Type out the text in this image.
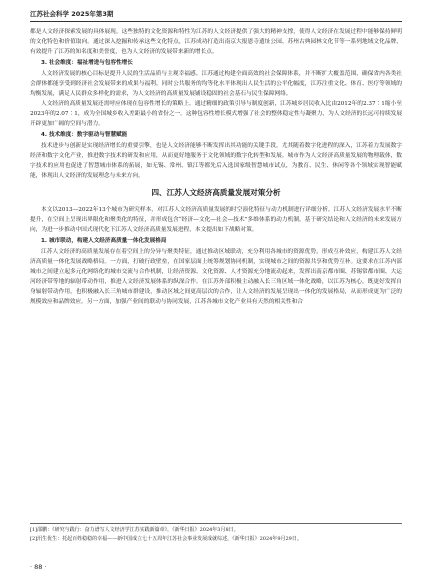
江苏社会科学 2025年第3期

都是人文经济探索发展的具体展现。这些独特的文化资源和特性为江苏的人文经济提供了强大的精神支撑，使得人文经济在发展过程中能够保持鲜明的文化特色和价值取向。通过深入挖掘和传承这些文化特点，江苏成功打造出南京大报恩寺遗址公园、苏州古典园林文化节等一系列地域文化品牌，有效提升了江苏的知名度和美誉度，也为人文经济的发展带来新的增长点。

3. 社会维度：福祉增进与包容性增长

人文经济发展的核心目标是提升人民的生活品质与主观幸福感。江苏通过构建全面高效的社会保障体系，并不断扩大覆盖范围，确保省内各类社会群体都能享受到经济社会发展带来的成果与福利。同时公共服务的均等化水平体现出人民生活的公平化幅度，江苏注重文化、体育、医疗等领域的均衡发展，满足人民群众多样化的需求，为人文经济的高质量发展铺设稳固的社会基石与民生保障网络。

人文经济的高质量发展还需呼应体现在包容性增长的策略上。通过精细的政策引导与制度创新，江苏城乡居民收入比由2012年的2.37∶1缩小至2023年的2.07∶1，成为全国城乡收入差距最小的省份之一。这种包容性增长模式增强了社会的整体稳定性与凝聚力，为人文经济的长远可持续发展开辟更加广阔的空间与潜力。

4. 技术维度：数字驱动与智慧赋能

技术进步与创新是实现经济增长的重要引擎，也是人文经济能够不断发挥出其功能的关键手段。尤其随着数字化进程的深入，江苏着力发展数字经济和数字文化产业，推进数字技术的研发和应用，从而更好地服务于文化领域的数字化转型和发展。城市作为人文经济高质量发展的物理载体，数字技术的应用也促进了智慧城市体系的拓展，如无锡、常州、镇江等都先后入选国家级智慧城市试点，为教育、民生、休闲等各个领域实现智能赋能，体现出人文经济的发展理念与未来方向。

四、江苏人文经济高质量发展对策分析

本文以2013—2022年13个城市为研究样本，对江苏人文经济高质量发展的时空演化特征与动力机制进行详细分析。江苏人文经济发展水平不断提升，在空间上呈现出界限化和聚类化的特征，并形成包含“经济—文化—社会—技术”多维体系的动力机制。基于研究结论和人文经济的未来发展方向，为进一步推动中国式现代化下江苏人文经济高质量发展进程，本文提出如下战略对策。

1. 城市联动，构建人文经济高质量一体化发展格局

江苏人文经济的高质量发展存在着空间上的分异与聚类特征，通过推动区域联动，充分利用各城市的资源优势，形成互补效应，构建江苏人文经济高质量一体化发展战略格局。一方面，打破行政壁垒，在国家层面上统筹规划协同机制，实现城市之间的资源共享和优势互补。这要求在江苏内部城市之间建立起多元化网络化的城市交流与合作机制，让经济资源、文化资源、人才资源充分地流动起来，发挥出南京都市圈、苏锡常都市圈、大运河经济带等地的辐射带动作用，推进人文经济发展体系的纵深合作。在江苏外部积极主动融入长三角区域一体化战略，以江苏为核心，既更好发挥自身辐射带动作用，也积极融入长三角城市群建设，推动区域之间更高层次的合作，让人文经济的发展呈现出一体化的发展格局，从而形成更为广泛的规模效应和品牌效应。另一方面，加强产业间的联动与协同发展，江苏各城市文化产业具有天然的相关性和合

[1]邵鹏：《研究与践行：奋力谱写人文经济学江苏实践新篇章》，《新华日报》2024年3月8日。

[2]汛生优生：托起百姓稳稳的幸福——新中国成立七十五周年江苏社会事业发展成就综述，《新华日报》2024年9月29日。

· 88 ·
